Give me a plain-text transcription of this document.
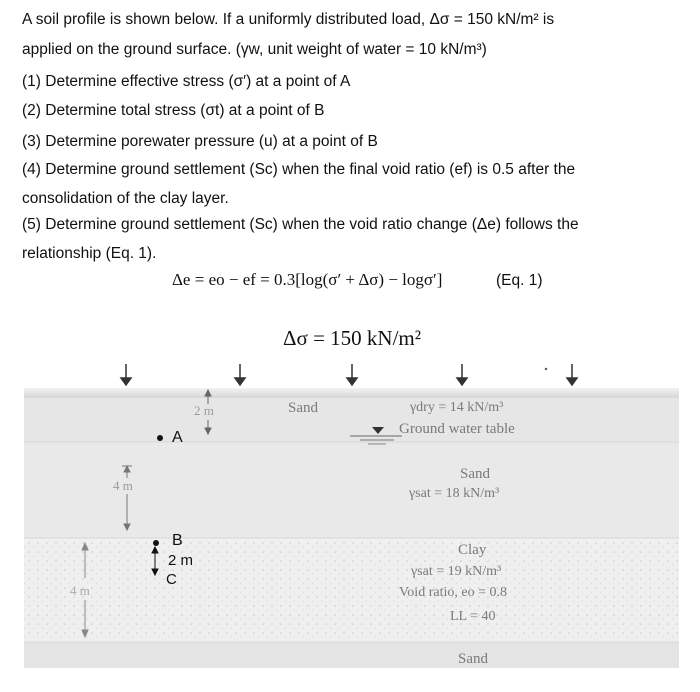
A soil profile is shown below. If a uniformly distributed load, Δσ = 150 kN/m² is
applied on the ground surface. (γw, unit weight of water = 10 kN/m³)
(1) Determine effective stress (σ′) at a point of A
(2) Determine total stress (σt) at a point of B
(3) Determine porewater pressure (u) at a point of B
(4) Determine ground settlement (Sc) when the final void ratio (ef) is 0.5 after the
consolidation of the clay layer.
(5) Determine ground settlement (Sc) when the void ratio change (Δe) follows the
relationship (Eq. 1).
Δe = eo − ef = 0.3[log(σ′ + Δσ) − logσ′]	(Eq. 1)
Δσ = 150 kN/m²
Sand	γdry = 14 kN/m³
Ground water table
Sand
γsat = 18 kN/m³
Clay
γsat = 19 kN/m³
Void ratio, eo = 0.8
LL = 40
Sand
2 m
4 m
4 m
A
B
2 m
C
